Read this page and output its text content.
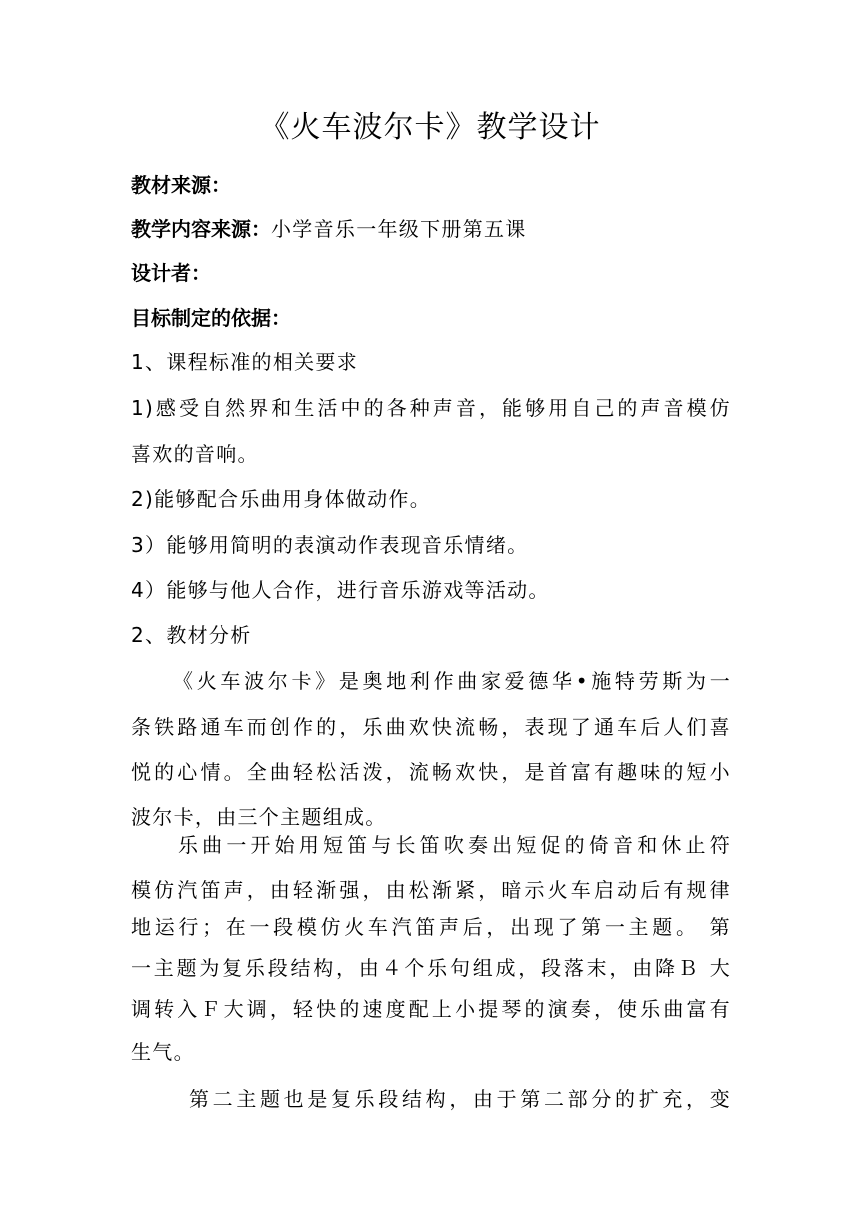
《火车波尔卡》教学设计

教材来源：

教学内容来源：小学音乐一年级下册第五课

设计者：

目标制定的依据：

1、课程标准的相关要求

1)感受自然界和生活中的各种声音，能够用自己的声音模仿

喜欢的音响。

2)能够配合乐曲用身体做动作。

3）能够用简明的表演动作表现音乐情绪。

4）能够与他人合作，进行音乐游戏等活动。

2、教材分析

《火车波尔卡》是奥地利作曲家爱德华•施特劳斯为一

条铁路通车而创作的，乐曲欢快流畅，表现了通车后人们喜

悦的心情。全曲轻松活泼，流畅欢快，是首富有趣味的短小

波尔卡，由三个主题组成。

乐曲一开始用短笛与长笛吹奏出短促的倚音和休止符

模仿汽笛声，由轻渐强，由松渐紧，暗示火车启动后有规律

地运行；在一段模仿火车汽笛声后，出现了第一主题。 第

一主题为复乐段结构，由４个乐句组成，段落末，由降Ｂ 大

调转入Ｆ大调，轻快的速度配上小提琴的演奏，使乐曲富有

生气。

第二主题也是复乐段结构，由于第二部分的扩充，变
